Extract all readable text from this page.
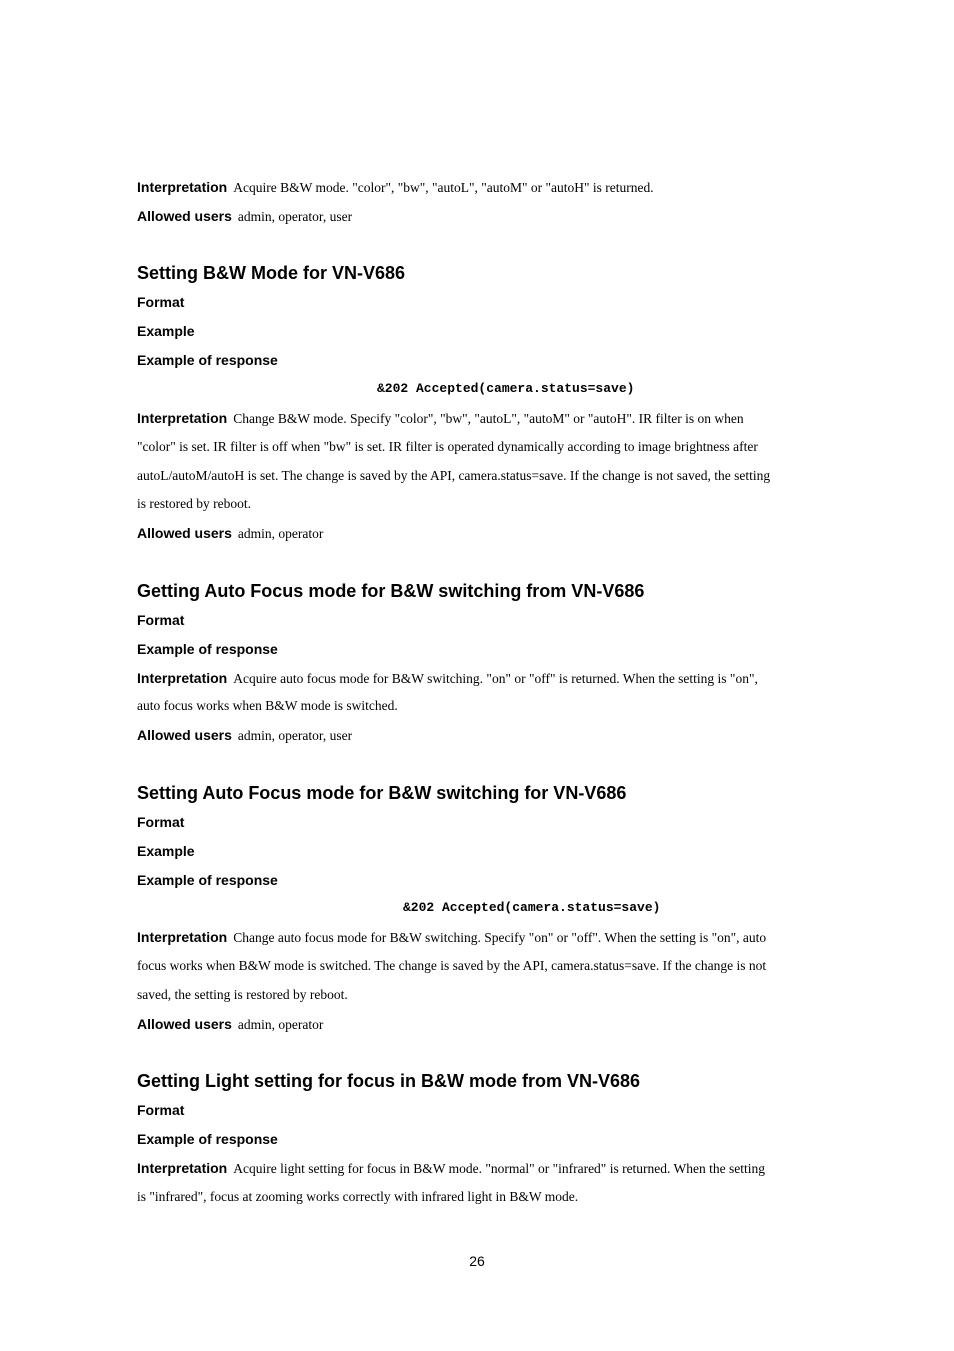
Interpretation Acquire B&W mode. "color", "bw", "autoL", "autoM" or "autoH" is returned.
Allowed users admin, operator, user
Setting B&W Mode for VN-V686
Format
Example
Example of response
&202 Accepted(camera.status=save)
Interpretation Change B&W mode. Specify "color", "bw", "autoL", "autoM" or "autoH". IR filter is on when
"color" is set. IR filter is off when "bw" is set. IR filter is operated dynamically according to image brightness after
autoL/autoM/autoH is set. The change is saved by the API, camera.status=save. If the change is not saved, the setting
is restored by reboot.
Allowed users admin, operator
Getting Auto Focus mode for B&W switching from VN-V686
Format
Example of response
Interpretation Acquire auto focus mode for B&W switching. "on" or "off" is returned. When the setting is "on",
auto focus works when B&W mode is switched.
Allowed users admin, operator, user
Setting Auto Focus mode for B&W switching for VN-V686
Format
Example
Example of response
&202 Accepted(camera.status=save)
Interpretation Change auto focus mode for B&W switching. Specify "on" or "off". When the setting is "on", auto
focus works when B&W mode is switched. The change is saved by the API, camera.status=save. If the change is not
saved, the setting is restored by reboot.
Allowed users admin, operator
Getting Light setting for focus in B&W mode from VN-V686
Format
Example of response
Interpretation Acquire light setting for focus in B&W mode. "normal" or "infrared" is returned. When the setting
is "infrared", focus at zooming works correctly with infrared light in B&W mode.
26
